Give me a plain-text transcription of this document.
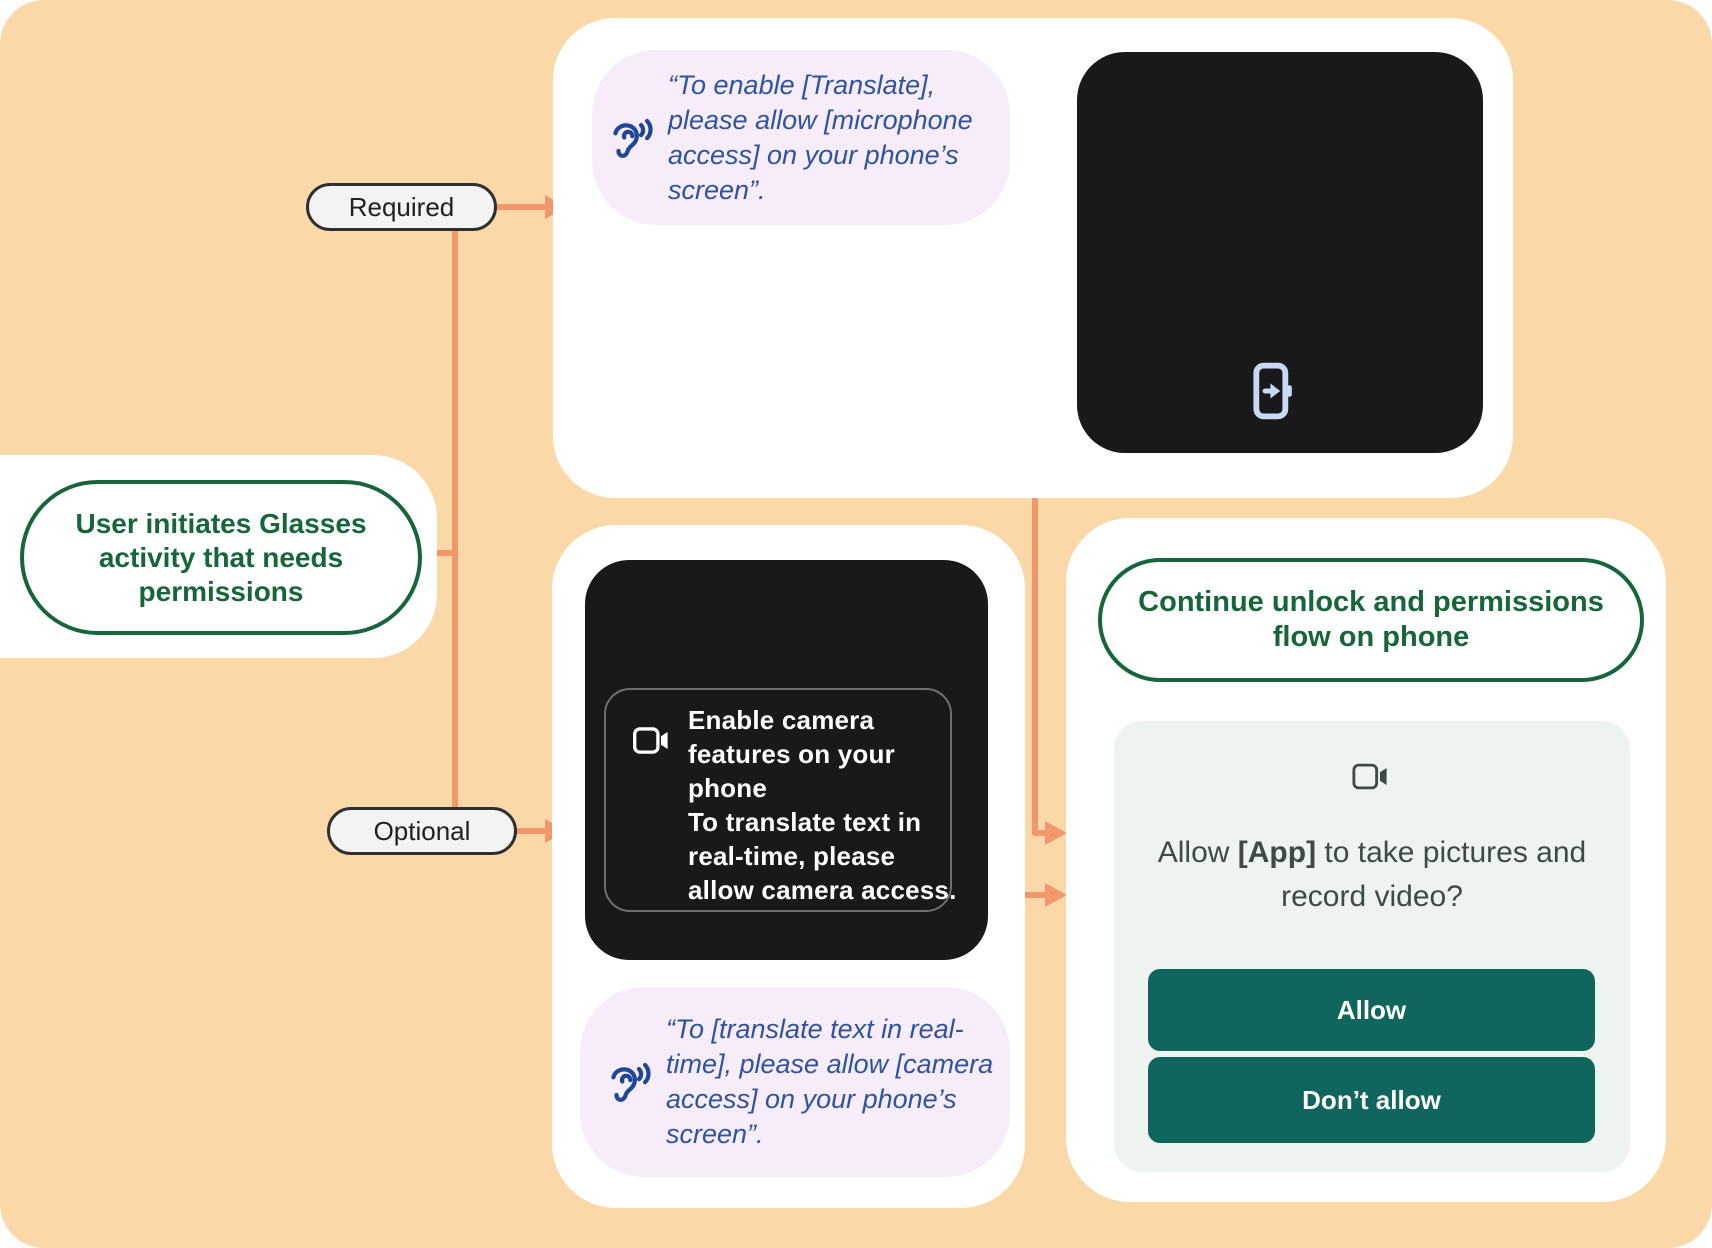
“To enable [Translate], please allow [microphone access] on your phone’s screen”.
User initiates Glasses activity that needs permissions
Required
Optional
Enable camera features on your phone
To translate text in real-time, please allow camera access.
“To [translate text in real-time], please allow [camera access] on your phone’s screen”.
Continue unlock and permissions flow on phone
Allow [App] to take pictures and record video?
Allow
Don’t allow
